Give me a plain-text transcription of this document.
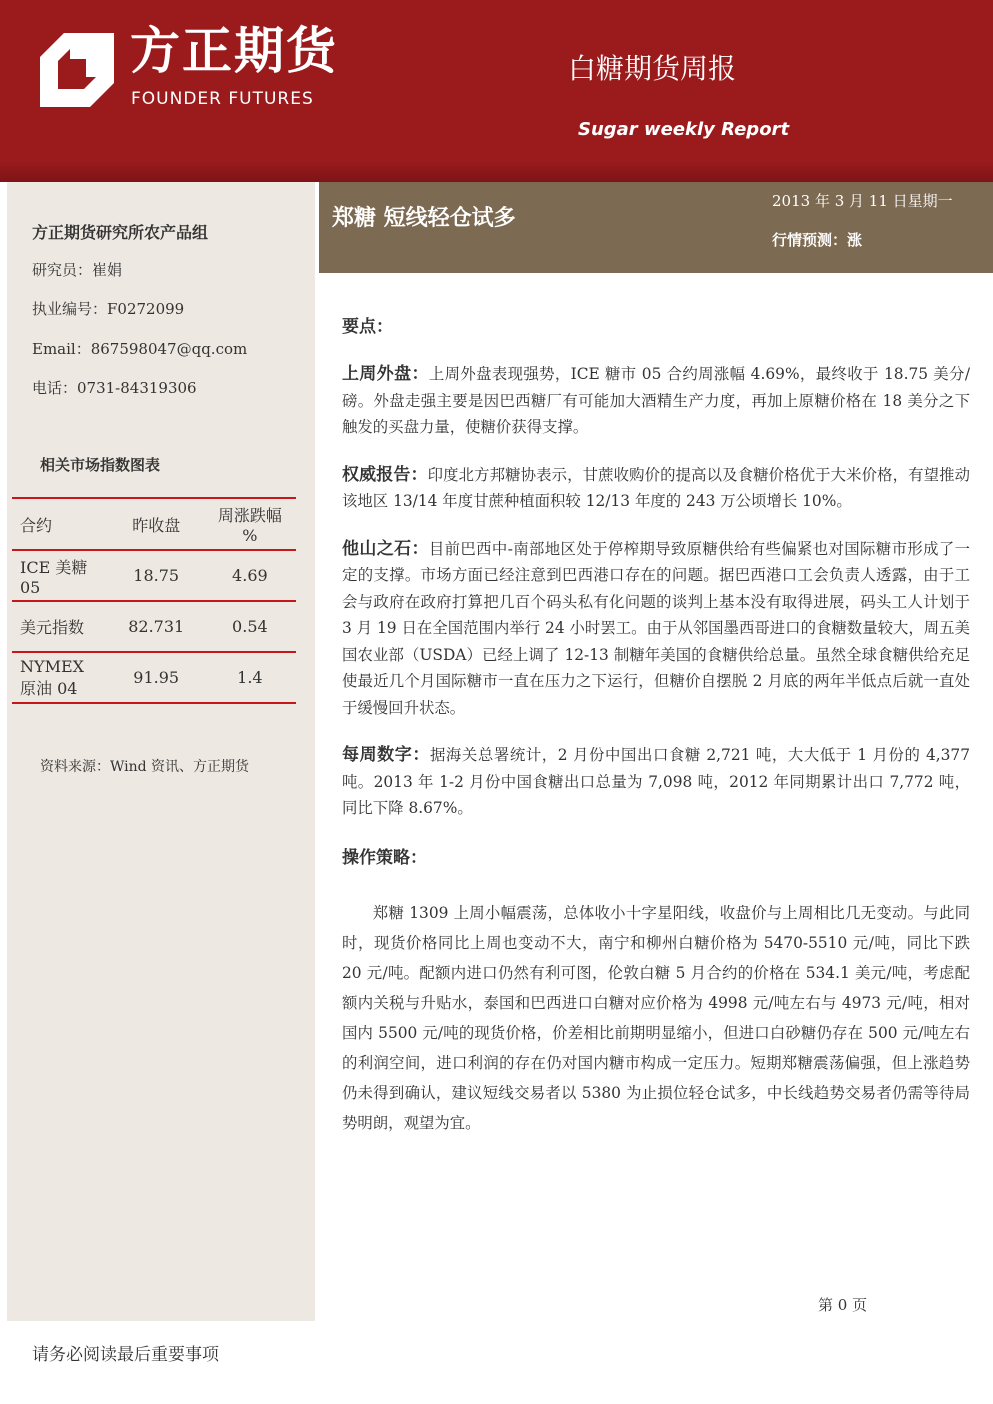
方正期货
FOUNDER FUTURES
白糖期货周报
Sugar weekly Report
方正期货研究所农产品组
研究员：崔娟
执业编号：F0272099
Email：867598047@qq.com
电话：0731-84319306
相关市场指数图表
合约	昨收盘	周涨跌幅 %
ICE 美糖 05	18.75	4.69
美元指数	82.731	0.54
NYMEX 原油 04	91.95	1.4
资料来源：Wind 资讯、方正期货
郑糖 短线轻仓试多
2013 年 3 月 11 日星期一
行情预测：涨
要点：

上周外盘：上周外盘表现强势，ICE 糖市 05 合约周涨幅 4.69%，最终收于 18.75 美分/磅。外盘走强主要是因巴西糖厂有可能加大酒精生产力度，再加上原糖价格在 18 美分之下触发的买盘力量，使糖价获得支撑。

权威报告：印度北方邦糖协表示，甘蔗收购价的提高以及食糖价格优于大米价格，有望推动该地区 13/14 年度甘蔗种植面积较 12/13 年度的 243 万公顷增长 10%。

他山之石：目前巴西中-南部地区处于停榨期导致原糖供给有些偏紧也对国际糖市形成了一定的支撑。市场方面已经注意到巴西港口存在的问题。据巴西港口工会负责人透露，由于工会与政府在政府打算把几百个码头私有化问题的谈判上基本没有取得进展，码头工人计划于 3 月 19 日在全国范围内举行 24 小时罢工。由于从邻国墨西哥进口的食糖数量较大，周五美国农业部（USDA）已经上调了 12-13 制糖年美国的食糖供给总量。虽然全球食糖供给充足使最近几个月国际糖市一直在压力之下运行，但糖价自摆脱 2 月底的两年半低点后就一直处于缓慢回升状态。

每周数字：据海关总署统计，2 月份中国出口食糖 2,721 吨，大大低于 1 月份的 4,377 吨。2013 年 1-2 月份中国食糖出口总量为 7,098 吨，2012 年同期累计出口 7,772 吨，同比下降 8.67%。

操作策略：

郑糖 1309 上周小幅震荡，总体收小十字星阳线，收盘价与上周相比几无变动。与此同时，现货价格同比上周也变动不大，南宁和柳州白糖价格为 5470-5510 元/吨，同比下跌 20 元/吨。配额内进口仍然有利可图，伦敦白糖 5 月合约的价格在 534.1 美元/吨，考虑配额内关税与升贴水，泰国和巴西进口白糖对应价格为 4998 元/吨左右与 4973 元/吨，相对国内 5500 元/吨的现货价格，价差相比前期明显缩小，但进口白砂糖仍存在 500 元/吨左右的利润空间，进口利润的存在仍对国内糖市构成一定压力。短期郑糖震荡偏强，但上涨趋势仍未得到确认，建议短线交易者以 5380 为止损位轻仓试多，中长线趋势交易者仍需等待局势明朗，观望为宜。

第 0 页
请务必阅读最后重要事项
